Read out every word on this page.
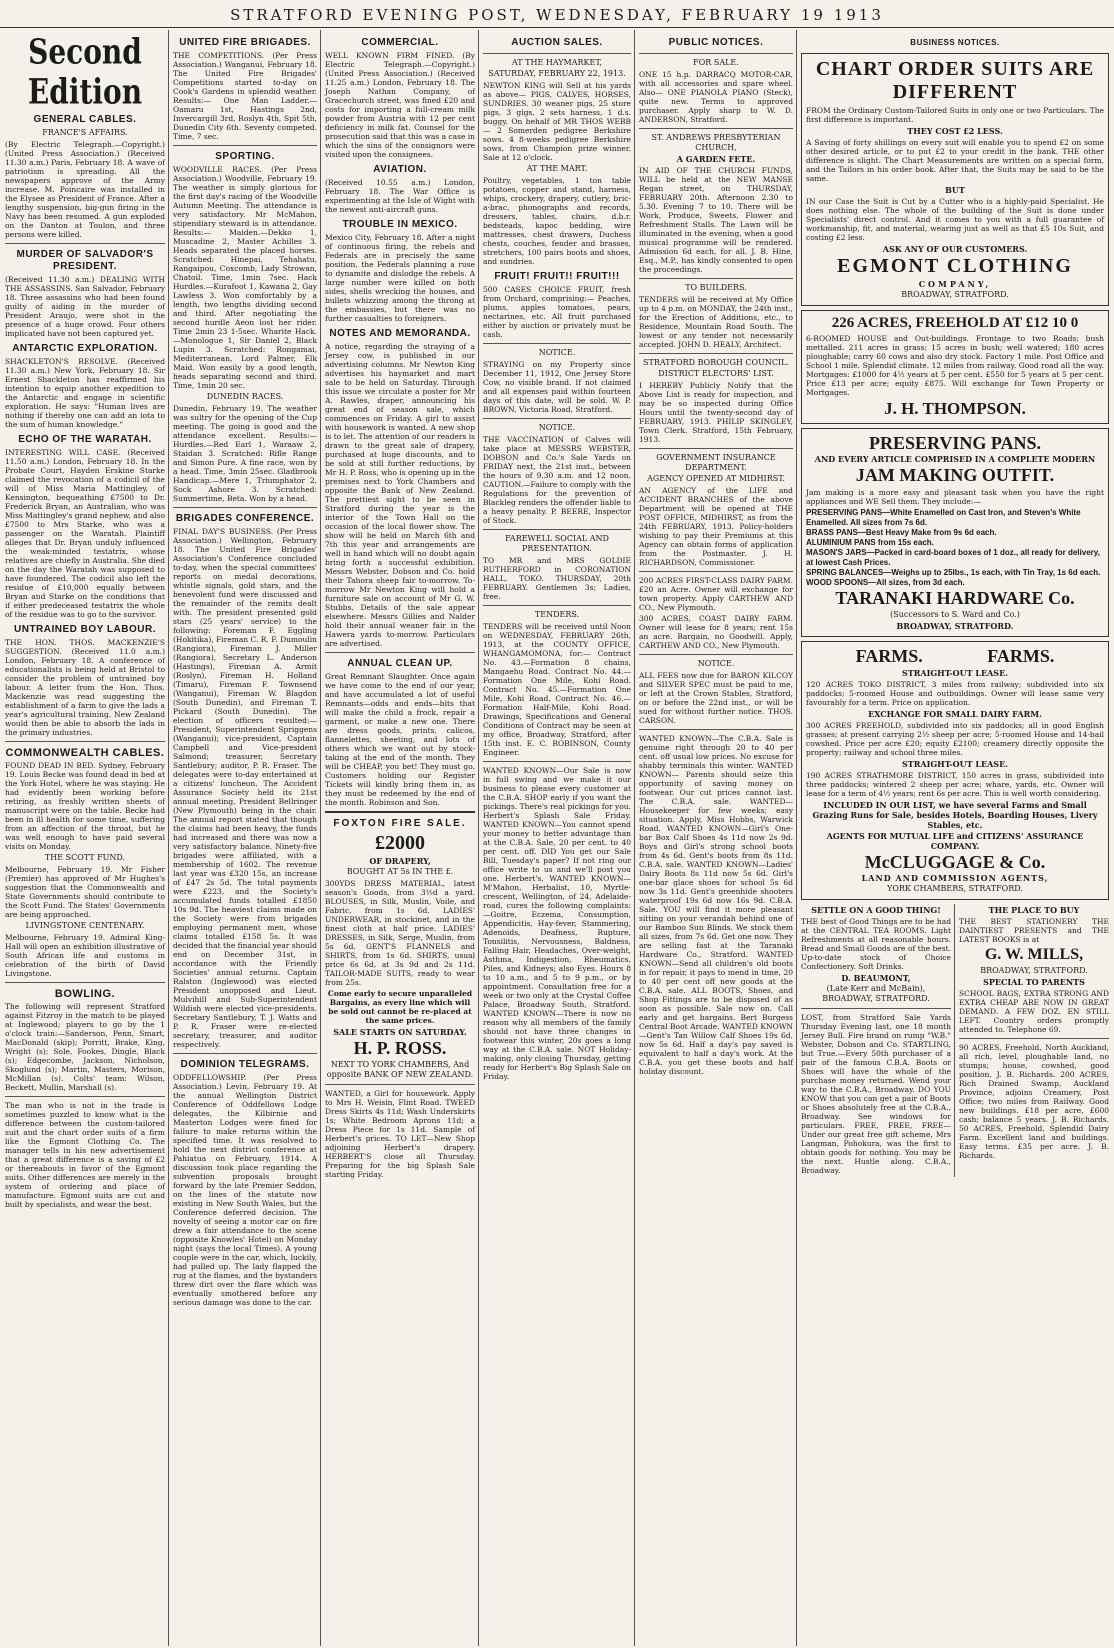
STRATFORD EVENING POST, WEDNESDAY, FEBRUARY 19 1913
Second Edition
GENERAL CABLES.
FRANCE'S AFFAIRS.
(By Electric Telegraph.—Copyright.) (United Press Association.) (Received 11.30 a.m.) Paris, February 18. A wave of patriotism is spreading. All the newspapers approve of the Army increase. M. Poincaire was installed in the Elysee as President of France. After a lengthy suspension, big-gun firing in the Navy has been resumed. A gun exploded on the Danton at Toulon, and three persons were killed.
MURDER OF SALVADOR'S PRESIDENT.
(Received 11.30 a.m.) DEALING WITH THE ASSASSINS. San Salvador, February 18. Three assassins who had been found guilty of aiding in the murder of President Araujo, were shot in the presence of a huge crowd. Four others implicated have not been captured yet.
ANTARCTIC EXPLORATION.
SHACKLETON'S RESOLVE. (Received 11.30 a.m.) New York, February 18. Sir Ernest Shackleton has reaffirmed his intention to equip another expedition to the Antarctic and engage in scientific exploration. He says: "Human lives are nothing if thereby one can add an iota to the sum of human knowledge."
ECHO OF THE WARATAH.
INTERESTING WILL CASE. (Received 11.50 a.m.) London, February 18. In the Probate Court, Hayden Erskine Starke claimed the revocation of a codicil of the will of Miss Maria Mattingley, of Kensington, bequeathing £7500 to Dr. Frederick Bryan, an Australian, who was Miss Mattingley's grand nephew, and also £7500 to Mrs Starke, who was a passenger on the Waratah. Plaintiff alleges that Dr. Bryan unduly influenced the weak-minded testatrix, whose relatives are chiefly in Australia. She died on the day the Waratah was supposed to have foundered. The codicil also left the residue of £10,000 equally between Bryan and Starke on the conditions that if either predeceased testatrix the whole of the residue was to go to the survivor.
UNTRAINED BOY LABOUR.
THE HON. THOS. MACKENZIE'S SUGGESTION. (Received 11.0 a.m.) London, February 18. A conference of educationalists is being held at Bristol to consider the problem of untrained boy labour. A letter from the Hon. Thos. Mackenzie was read suggesting the establishment of a farm to give the lads a year's agricultural training. New Zealand would then be able to absorb the lads in the primary industries.
COMMONWEALTH CABLES.
FOUND DEAD IN BED. Sydney, February 19. Louis Becke was found dead in bed at the York Hotel, where he was staying. He had evidently been working before retiring, as freshly written sheets of manuscript were on the table. Becke had been in ill health for some time, suffering from an affection of the throat, but he was well enough to have paid several visits on Monday.
THE SCOTT FUND.
Melbourne, February 19. Mr Fisher (Premier) has approved of Mr Hughes's suggestion that the Commonwealth and State Governments should contribute to the Scott Fund. The States' Governments are being approached.
LIVINGSTONE CENTENARY.
Melbourne, February 19. Admiral King-Hall will open an exhibition illustrative of South African life and customs in celebration of the birth of David Livingstone.
BOWLING.
The following will represent Stratford against Fitzroy in the match to be played at Inglewood; players to go by the 1 o'clock train:—Sanderson, Penn, Smart, MacDonald (skip); Porritt, Brake, King, Wright (s); Sole, Fookes, Dingle, Black (s); Edgecombe, Jackson, Nicholson, Skoglund (s); Martin, Masters, Morison, McMillan (s). Colts' team: Wilson, Beckett, Mullin, Marshall (s).
The man who is not in the trade is sometimes puzzled to know what is the difference between the custom-tailored suit and the chart order suits of a firm like the Egmont Clothing Co. The manager tells in his new advertisement that a great difference is a saving of £2 or thereabouts in favor of the Egmont suits. Other differences are merely in the system of ordering and place of manufacture. Egmont suits are cut and built by specialists, and wear the best.
UNITED FIRE BRIGADES.
THE COMPETITIONS. (Per Press Association.) Wanganui, February 18. The United Fire Brigades' Competitions started to-day on Cook's Gardens in splendid weather. Results:— One Man Ladder.—Oamaru 1st, Hastings 2nd, Invercargill 3rd, Roslyn 4th, Spit 5th, Dunedin City 6th. Seventy competed. Time, 7 sec.
SPORTING.
WOODVILLE RACES. (Per Press Association.) Woodville, February 19. The weather is simply glorious for the first day's racing of the Woodville Autumn Meeting. The attendance is very satisfactory. Mr McMahon, stipendiary steward is in attendance. Results:— Maiden.—Dekko 1, Muscadine 2, Master Achilles 3. Heads separated the placed horses. Scratched: Hinepai, Tehahatu, Rangaipou, Coxcomb, Lady Strowan, Chatoil. Time, 1min 7sec. Hack Hurdles.—Kurafoot 1, Kawana 2, Gay Lawless 3. Won comfortably by a length, two lengths dividing second and third. After negotiating the second hurdle Aeon lost her rider. Time 2min 23 1-5sec. Wharite Hack.—Monologue 1, Sir Daniel 2, Black Lupin 3. Scratched: Rongamai, Mediterranean, Lord Palmer, Elk Maid. Won easily by a good length, heads separating second and third. Time, 1min 20 sec.
DUNEDIN RACES.
Dunedin, February 19. The weather was sultry for the opening of the Cup meeting. The going is good and the attendance excellent. Results:— Hurdles.—Red Earl 1, Waraaw 2, Staidan 3. Scratched: Rifle Range and Simon Pure. A fine race, won by a head. Time, 3min 25sec. Gladbrook Handicap.—Mere 1, Triumphator 2, Sock Ashore 3. Scratched: Summertime, Beta. Won by a head.
BRIGADES CONFERENCE.
FINAL DAY'S BUSINESS. (Per Press Association.) Wellington, February 18. The United Fire Brigades' Association's Conference concluded to-day, when the special committees' reports on medal decorations, whistle signals, gold stars, and the benevolent fund were discussed and the remainder of the remits dealt with. The president presented gold stars (25 years' service) to the following: Foreman F. Eggling (Hokitika), Fireman C. R. F. Dumoulin (Rangiora), Fireman J. Miller (Rangiora), Secretary L. Anderson (Hastings), Fireman A. Armit (Roslyn), Fireman H. Holland (Timaru), Fireman F. Townsend (Wanganui), Fireman W. Blagdon (South Dunedin), and Fireman T. Pickard (South Dunedin). The election of officers resulted:—President, Superintendent Spriggens (Wanganui); vice-president, Captain Campbell and Vice-president Salmond; treasurer, Secretary Santlebury; auditor, P. R. Fraser. The delegates were to-day entertained at a citizens' luncheon. The Accident Assurance Society held its 21st annual meeting, President Bellringer (New Plymouth) being in the chair. The annual report stated that though the claims had been heavy, the funds had increased and there was now a very satisfactory balance. Ninety-five brigades were affiliated, with a membership of 1602. The revenue last year was £320 15s, an increase of £47 2s 5d. The total payments were £223, and the Society's accumulated funds totalled £1850 10s 9d. The heaviest claims made on the Society were from brigades employing permanent men, whose claims totalled £158 5s. It was decided that the financial year should end on December 31st, in accordance with the Friendly Societies' annual returns. Captain Ralston (Inglewood) was elected President unopposed and Lieut. Mulvihill and Sub-Superintendent Wildish were elected vice-presidents. Secretary Santlebury, T. J. Watts and P. R. Fraser were re-elected secretary, treasurer, and auditor respectively.
DOMINION TELEGRAMS.
ODDFELLOWSHIP. (Per Press Association.) Levin, February 19. At the annual Wellington District Conference of Oddfellows Lodge delegates, the Kilbirnie and Masterton Lodges were fined for failure to make returns within the specified time. It was resolved to hold the next district conference at Pahiatua on February, 1914. A discussion took place regarding the subvention proposals brought forward by the late Premier Seddon, on the lines of the statute now existing in New South Wales, but the Conference deferred decision. The novelty of seeing a motor car on fire drew a fair attendance to the scene (opposite Knowles' Hotel) on Monday night (says the local Times). A young couple were in the car, which, luckily, had pulled up. The lady flapped the rug at the flames, and the bystanders threw dirt over the flare which was eventually smothered before any serious damage was done to the car.
COMMERCIAL.
WELL KNOWN FIRM FINED. (By Electric Telegraph.—Copyright.) (United Press Association.) (Received 11.25 a.m.) London, February 18. The Joseph Nathan Company, of Gracechurch street, was fined £20 and costs for importing a full-cream milk powder from Austria with 12 per cent deficiency in milk fat. Counsel for the prosecution said that this was a case in which the sins of the consignors were visited upon the consignees.
AVIATION.
(Received 10.55 a.m.) London, February 18. The War Office is experimenting at the Isle of Wight with the newest anti-aircraft guns.
TROUBLE IN MEXICO.
Mexico City, February 18. After a night of continuous firing, the rebels and Federals are in precisely the same position, the Federals planning a ruse to dynamite and dislodge the rebels. A large number were killed on both sides, shells wrecking the houses, and bullets whizzing among the throng at the embassies, but there was no further casualties to foreigners.
NOTES AND MEMORANDA.
A notice, regarding the straying of a Jersey cow, is published in our advertising columns. Mr Newton King advertises his haymarket and mart sale to be held on Saturday. Through this issue we circulate a poster for Mr A. Rawles, draper, announcing his great end of season sale, which commences on Friday. A girl to assist with housework is wanted. A new shop is to let. The attention of our readers is drawn to the great sale of drapery, purchased at huge discounts, and to be sold at still further reductions, by Mr H. P. Ross, who is opening up in the premises next to York Chambers and opposite the Bank of New Zealand. The prettiest sight to be seen in Stratford during the year is the interior of the Town Hall on the occasion of the local flower show. The show will be held on March 6th and 7th this year and arrangements are well in hand which will no doubt again bring forth a successful exhibition. Messrs Webster, Dobson and Co. hold their Tahora sheep fair to-morrow. To-morrow Mr Newton King will hold a furniture sale on account of Mr G. W. Stubbs. Details of the sale appear elsewhere. Messrs Gillies and Nalder hold their annual weaner fair in the Hawera yards to-morrow. Particulars are advertised.
ANNUAL CLEAN UP.
Great Remnant Slaughter. Once again we have come to the end of our year, and have accumulated a lot of useful Remnants—odds and ends—bits that will make the child a frock, repair a garment, or make a new one. There are dress goods, prints, calicos, flannelettes, sheeting, and lots of others which we want out by stock-taking at the end of the month. They will be CHEAP, you bet! They must go. Customers holding our Register Tickets will kindly bring them in, as they must be redeemed by the end of the month. Robinson and Son.
FOXTON FIRE SALE.
£2000
OF DRAPERY,
BOUGHT AT 5s IN THE £.
300YDS DRESS MATERIAL, latest season's Goods, from 3½d a yard. BLOUSES, in Silk, Muslin, Voile, and Fabric, from 1s 6d. LADIES' UNDERWEAR, in stockinet, and in the finest cloth at half price. LADIES' DRESSES, in Silk, Serge, Muslin, from 5s 6d. GENT'S FLANNELS and SHIRTS, from 1s 6d. SHIRTS, usual price 6s 6d, at 3s 9d and 2s 11d. TAILOR-MADE SUITS, ready to wear from 25s.
Come early to secure unparalleled Bargains, as every line which will be sold out cannot be re-placed at the same prices.
SALE STARTS ON SATURDAY.
H. P. ROSS.
NEXT TO YORK CHAMBERS, And opposite BANK OF NEW ZEALAND.
WANTED, a Girl for housework. Apply to Mrs H. Weisin, Flint Road. TWEED Dress Skirts 4s 11d; Wash Underskirts 1s; White Bedroom Aprons 11d; a Dress Piece for 1s 11d. Sample of Herbert's prices. TO LET—New Shop adjoining Herbert's drapery. HERBERT'S close all Thursday. Preparing for the big Splash Sale starting Friday.
AUCTION SALES.
AT THE HAYMARKET,
SATURDAY, FEBRUARY 22, 1913.
NEWTON KING will Sell at his yards as above— PIGS, CALVES, HORSES, SUNDRIES. 30 weaner pigs, 25 store pigs, 3 gigs, 2 sets harness, 1 d.s. buggy. On behalf of MR THOS WEBB— 2 Somerden pedigree Berkshire sows. 4 8-weeks pedigree Berkshire sows, from Champion prize winner. Sale at 12 o'clock.
AT THE MART.
Poultry, vegetables, 1 ton table potatoes, copper and stand, harness, whips, crockery, drapery, cutlery, bric-a-brac, phonographs and records, dressers, tables, chairs, d.b.r. bedsteads, kapoc bedding, wire mattresses, chest drawers, Duchess chests, couches, fender and brasses, stretchers, 100 pairs boots and shoes, and sundries.
FRUIT! FRUIT!! FRUIT!!!
500 CASES CHOICE FRUIT, fresh from Orchard, comprising:— Peaches, plums, apples tomatoes, pears, nectarines, etc. All fruit purchased either by auction or privately must be cash.
NOTICE.
STRAYING on my Property since December 11, 1912, One Jersey Store Cow, no visible brand. If not claimed and all expenses paid within fourteen days of this date, will be sold. W. P. BROWN, Victoria Road, Stratford.
NOTICE.
THE VACCINATION of Calves will take place at MESSRS WEBSTER, DOBSON and Co.'s Sale Yards on FRIDAY next, the 21st inst., between the hours of 9.30 a.m. and 12 noon. CAUTION.—Failure to comply with the Regulations for the prevention of Blackleg renders the offender liable to a heavy penalty. P. BEERE, Inspector of Stock.
FAREWELL SOCIAL AND PRESENTATION.
TO MR and MRS GOLDIE RUTHERFORD in CORONATION HALL, TOKO. THURSDAY, 20th FEBRUARY. Gentlemen 3s; Ladies, free.
TENDERS.
TENDERS will be received until Noon on WEDNESDAY, FEBRUARY 26th, 1913, at the COUNTY OFFICE, WHANGAMOMONA, for:— Contract No. 43.—Formation 8 chains, Mangaehu Road. Contract No. 44.—Formation One Mile, Kohi Road. Contract No. 45.—Formation One Mile, Kohi Road. Contract No. 46.—Formation Half-Mile, Kohi Road. Drawings, Specifications and General Conditions of Contract may be seen at my office, Broadway, Stratford, after 15th inst. E. C. ROBINSON, County Engineer.
WANTED KNOWN—Our Sale is now in full swing and we make it our business to please every customer at the C.B.A. SHOP early if you want the pickings. There's real pickings for you. Herbert's Splash Sale Friday. WANTED KNOWN—You cannot spend your money to better advantage than at the C.B.A. Sale, 20 per cent. to 40 per cent. off. DID You get our Sale Bill, Tuesday's paper? If not ring our office write to us and we'll post you one. Herbert's. WANTED KNOWN— M'Mahon, Herbalist, 10, Myrtle-crescent, Wellington, of 24, Adelaide-road, cures the following complaints:—Goitre, Eczema, Consumption, Appendicitis, Hay-fever, Stammering, Adenoids, Deafness, Rupture, Tonsilitis, Nervousness, Baldness, Falling Hair, Headaches, Over-weight, Asthma, Indigestion, Rheumatics, Piles, and Kidneys; also Eyes. Hours 8 to 10 a.m., and 5 to 9 p.m., or by appointment. Consultation free for a week or two only at the Crystal Coffee Palace, Broadway South, Stratford. WANTED KNOWN—There is now no reason why all members of the family should not have three changes in footwear this winter, 20s goes a long way at the C.B.A. sale. NOT Holiday-making, only closing Thursday, getting ready for Herbert's Big Splash Sale on Friday.
PUBLIC NOTICES.
FOR SALE.
ONE 15 h.p. DARRACQ MOTOR-CAR, with all accessories and spare wheel. Also— ONE PIANOLA PIANO (Steck), quite new. Terms to approved purchaser. Apply sharp to W. D. ANDERSON, Stratford.
ST. ANDREWS PRESBYTERIAN CHURCH,
A GARDEN FETE.
IN AID OF THE CHURCH FUNDS, WILL be held at the NEW MANSE Regan street, on THURSDAY, FEBRUARY 20th. Afternoon 2.30 to 5.30. Evening 7 to 10. There will be Work, Produce, Sweets, Flower and Refreshment Stalls. The Lawn will be illuminated in the evening, when a good musical programme will be rendered. Admission 6d each, for all. J. B. Hine, Esq., M.P., has kindly consented to open the proceedings.
TO BUILDERS.
TENDERS will be received at My Office up to 4 p.m. on MONDAY, the 24th inst., for the Erection of Additions, etc., to Residence, Mountain Road South. The lowest or any tender not necessarily accepted. JOHN D. HEALY, Architect.
STRATFORD BOROUGH COUNCIL.
DISTRICT ELECTORS' LIST.
I HEREBY Publicly Notify that the Above List is ready for inspection, and may be so inspected during Office Hours until the twenty-second day of FEBRUARY, 1913. PHILIP SKINGLEY, Town Clerk. Stratford, 15th February, 1913.
GOVERNMENT INSURANCE DEPARTMENT.
AGENCY OPENED AT MIDHIRST.
AN AGENCY of the LIFE and ACCIDENT BRANCHES of the above Department will be opened at THE POST OFFICE, MIDHIRST, as from the 24th FEBRUARY, 1913. Policy-holders wishing to pay their Premiums at this Agency can obtain forms of application from the Postmaster. J. H. RICHARDSON, Commissioner.
200 ACRES FIRST-CLASS DAIRY FARM. £20 an Acre. Owner will exchange for town property. Apply CARTHEW AND CO., New Plymouth.
300 ACRES, COAST DAIRY FARM. Owner will lease for 8 years; rent 15s an acre. Bargain, no Goodwill. Apply, CARTHEW AND CO., New Plymouth.
NOTICE.
ALL FEES now due for BARON KILCOY and SILVER SPEC must be paid to me, or left at the Crown Stables, Stratford, on or before the 22nd inst., or will be sued for without further notice. THOS. CARSON.
WANTED KNOWN—The C.B.A. Sale is genuine right through 20 to 40 per cent. off usual low prices. No excuse for shabby terminals this winter. WANTED KNOWN— Parents should seize this opportunity of saving money on footwear. Our cut prices cannot last. The C.B.A. sale. WANTED—Housekeeper for few weeks; easy situation. Apply, Miss Hobbs, Warwick Road. WANTED KNOWN—Girl's One-bar Box Calf Shoes 4s 11d now 2s 9d. Boys and Girl's strong school boots from 4s 6d. Gent's boots from 8s 11d. C.B.A. sale. WANTED KNOWN—Ladies' Dairy Boots 8s 11d now 5s 6d. Girl's one-bar glace shoes for school 5s 6d now 3s 11d. Gent's greenhide shooters waterproof 19s 6d now 16s 9d. C.B.A. Sale. YOU will find it more pleasant sitting on your verandah behind one of our Bamboo Sun Blinds. We stock them all sizes, from 7s 6d. Get one now. They are selling fast at the Taranaki Hardware Co., Stratford. WANTED KNOWN—Send all children's old boots in for repair, it pays to mend in time, 20 to 40 per cent off new goods at the C.B.A. sale. ALL BOOTS, Shoes, and Shop Fittings are to be disposed of as soon as possible. Sale now on. Call early and get bargains. Bert Burgess Central Boot Arcade. WANTED KNOWN—Gent's Tan Willow Calf Shoes 19s 6d, now 5s 6d. Half a day's pay saved is equivalent to half a day's work. At the C.B.A. you get these boots and half holiday discount.
BUSINESS NOTICES.
CHART ORDER SUITS ARE DIFFERENT
FROM the Ordinary Custom-Tailored Suits in only one or two Particulars. The first difference is important.
THEY COST £2 LESS.
A Saving of forty shillings on every suit will enable you to spend £2 on some other desired article, or to put £2 to your credit in the bank. THE other difference is slight. The Chart Measurements are written on a special form, and the Tailors in his order book. After that, the Suits may be said to be the same.
BUT
IN our Case the Suit is Cut by a Cutter who is a highly-paid Specialist. He does nothing else. The whole of the building of the Suit is done under Specialists' direct control. And it comes to you with a full guarantee of workmanship, fit, and material, wearing just as well as that £5 10s Suit, and costing £2 less.
ASK ANY OF OUR CUSTOMERS.
EGMONT CLOTHING
COMPANY,
BROADWAY, STRATFORD.
226 ACRES, FREEHOLD AT £12 10 0
6-ROOMED HOUSE and Out-buildings. Frontage to two Roads; bush mettalled. 211 acres in grass; 15 acres in bush; well watered; 180 acres ploughable; carry 60 cows and also dry stock. Factory 1 mile. Post Office and School 1 mile. Splendid climate. 12 miles from railway. Good road all the way. Mortgages: £1000 for 4½ years at 5 per cent. £550 for 5 years at 5 per cent. Price £13 per acre; equity £875. Will exchange for Town Property or Mortgages.
J. H. THOMPSON.
PRESERVING PANS.
AND EVERY ARTICLE COMPRISED IN A COMPLETE MODERN
JAM MAKING OUTFIT.
Jam making is a more easy and pleasant task when you have the right appliances and WE Sell them. They include:—
PRESERVING PANS—White Enamelled on Cast Iron, and Steven's White Enamelled. All sizes from 7s 6d.
BRASS PANS—Best Heavy Make from 9s 6d each.
ALUMINIUM PANS from 15s each.
MASON'S JARS—Packed in card-board boxes of 1 doz., all ready for delivery, at lowest Cash Prices.
SPRING BALANCES—Weighs up to 25lbs., 1s each, with Tin Tray, 1s 6d each.
WOOD SPOONS—All sizes, from 3d each.
TARANAKI HARDWARE Co.
(Successors to S. Ward and Co.)
BROADWAY, STRATFORD.
FARMS. FARMS.
STRAIGHT-OUT LEASE.
120 ACRES TOKO DISTRICT, 3 miles from railway; subdivided into six paddocks; 5-roomed House and outbuildings. Owner will lease same very favourably for a term. Price on application.
EXCHANGE FOR SMALL DAIRY FARM.
300 ACRES FREEHOLD, subdivided into six paddocks; all in good English grasses; at present carrying 2½ sheep per acre; 5-roomed House and 14-bail cowshed. Price per acre £20; equity £2100; creamery directly opposite the property; railway and school three miles.
STRAIGHT-OUT LEASE.
190 ACRES STRATHMORE DISTRICT, 150 acres in grass, subdivided into three paddocks; wintered 2 sheep per acre; whare, yards, etc. Owner will lease for a term of 4½ years; rent 6s per acre. This is well worth considering.
INCLUDED IN OUR LIST, we have several Farms and Small Grazing Runs for Sale, besides Hotels, Boarding Houses, Livery Stables, etc.
AGENTS FOR MUTUAL LIFE and CITIZENS' ASSURANCE COMPANY.
McCLUGGAGE & Co.
LAND AND COMMISSION AGENTS,
YORK CHAMBERS, STRATFORD.
SETTLE ON A GOOD THING!
THE best of Good Things are to be had at the CENTRAL TEA ROOMS. Light Refreshments at all reasonable hours. Bread and Small Goods are of the best. Up-to-date stock of Choice Confectionery. Soft Drinks.
D. BEAUMONT,
(Late Kerr and McBain), BROADWAY, STRATFORD.
LOST, from Stratford Sale Yards Thursday Evening last, one 18 month Jersey Bull. Fire brand on rump "W.B." Webster, Dobson and Co. STARTLING, but True.—Every 50th purchaser of a pair of the famous C.B.A. Boots or Shoes will have the whole of the purchase money returned. Wend your way to the C.B.A., Broadway. DO YOU KNOW that you can get a pair of Boots or Shoes absolutely free at the C.B.A., Broadway. See windows for particulars. FREE, FREE, FREE—Under our great free gift scheme, Mrs Langman, Pohokura, was the first to obtain goods for nothing. You may be the next. Hustle along. C.B.A., Broadway.
THE PLACE TO BUY
THE BEST STATIONERY THE DAINTIEST PRESENTS and THE LATEST BOOKS is at
G. W. MILLS,
BROADWAY, STRATFORD.
SPECIAL TO PARENTS
SCHOOL BAGS, EXTRA STRONG AND EXTRA CHEAP ARE NOW IN GREAT DEMAND. A FEW DOZ. EN STILL LEFT. Country orders promptly attended to. Telephone 69.
90 ACRES, Freehold, North Auckland, all rich, level, ploughable land, no stumps; house, cowshed, good position. J. B. Richards. 200 ACRES, Rich Drained Swamp, Auckland Province, adjoins Creamery, Post Office; two miles from Railway. Good new buildings. £18 per acre, £600 cash; balance 5 years. J. B. Richards. 50 ACRES, Freehold, Splendid Dairy Farm. Excellent land and buildings. Easy terms. £35 per acre. J. B. Richards.
